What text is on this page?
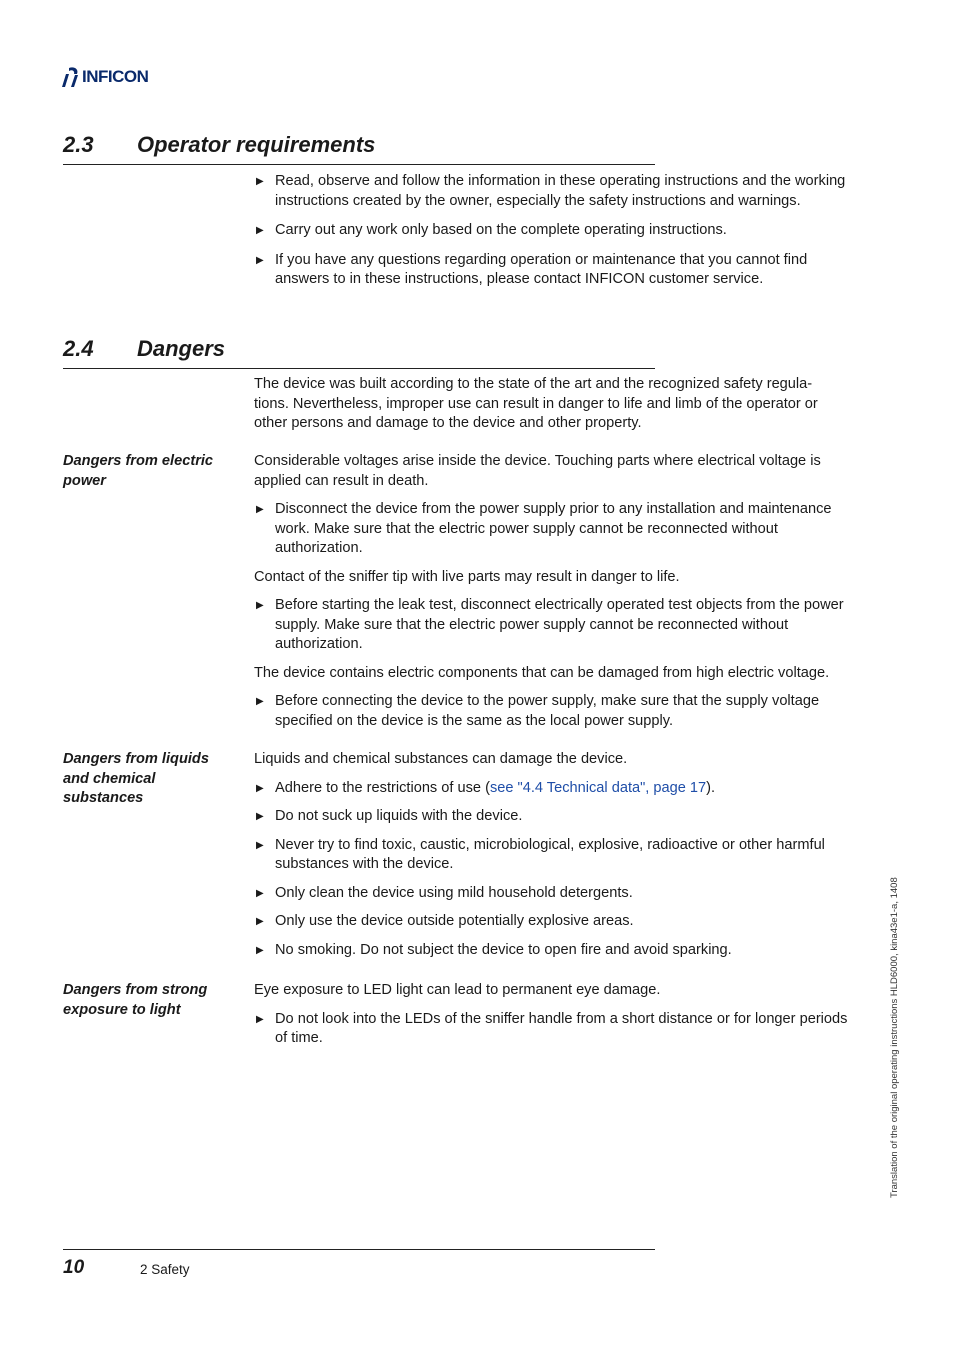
INFICON
2.3 Operator requirements
▶ Read, observe and follow the information in these operating instructions and the working instructions created by the owner, especially the safety instructions and warnings.
▶ Carry out any work only based on the complete operating instructions.
▶ If you have any questions regarding operation or maintenance that you cannot find answers to in these instructions, please contact INFICON customer service.
2.4 Dangers

The device was built according to the state of the art and the recognized safety regula- tions. Nevertheless, improper use can result in danger to life and limb of the operator or other persons and damage to the device and other property.

Dangers from electric power

Considerable voltages arise inside the device. Touching parts where electrical voltage is applied can result in death.

▶ Disconnect the device from the power supply prior to any installation and maintenance work. Make sure that the electric power supply cannot be reconnected without authorization.

Contact of the sniffer tip with live parts may result in danger to life.

▶ Before starting the leak test, disconnect electrically operated test objects from the power supply. Make sure that the electric power supply cannot be reconnected without authorization.

The device contains electric components that can be damaged from high electric voltage.

▶ Before connecting the device to the power supply, make sure that the supply voltage specified on the device is the same as the local power supply.
Dangers from liquids and chemical substances

Liquids and chemical substances can damage the device.

▶ Adhere to the restrictions of use (see "4.4 Technical data", page 17).
▶ Do not suck up liquids with the device.
▶ Never try to find toxic, caustic, microbiological, explosive, radioactive or other harmful substances with the device.
▶ Only clean the device using mild household detergents.
▶ Only use the device outside potentially explosive areas.
▶ No smoking. Do not subject the device to open fire and avoid sparking.
Dangers from strong exposure to light

Eye exposure to LED light can lead to permanent eye damage.

▶ Do not look into the LEDs of the sniffer handle from a short distance or for longer periods of time.	Translation of the original operating instructions HLD6000, kina43e1-a, 1408
10	2 Safety
